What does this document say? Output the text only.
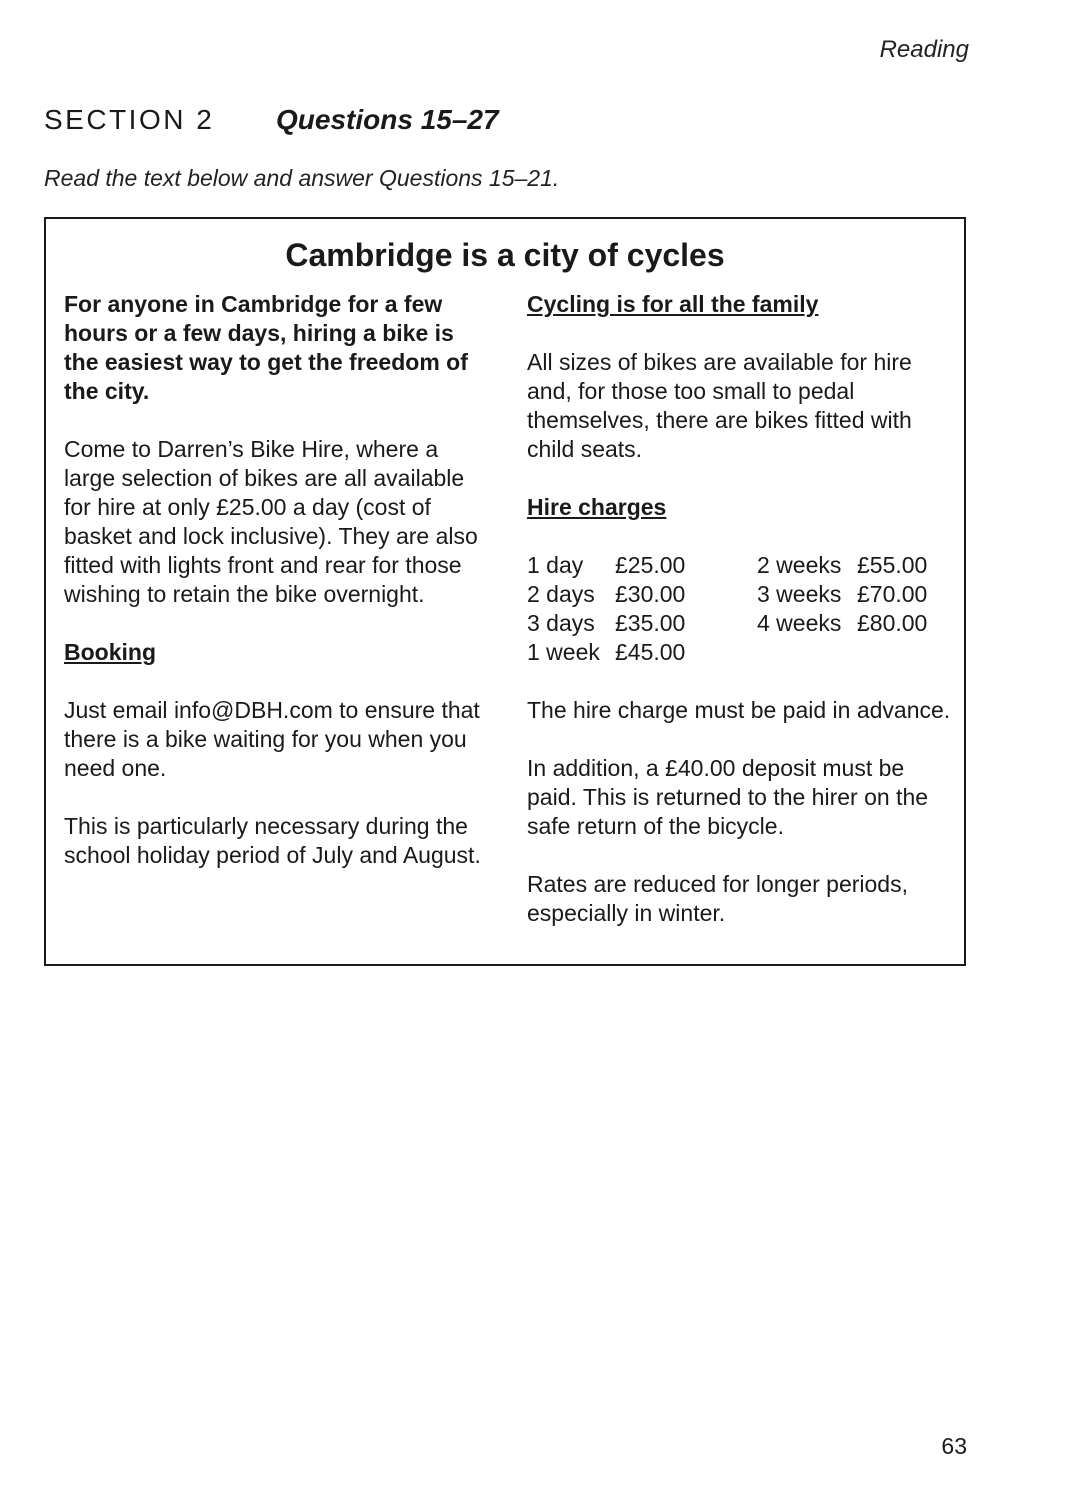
Reading
SECTION 2	Questions 15–27
Read the text below and answer Questions 15–21.
Cambridge is a city of cycles

For anyone in Cambridge for a few hours or a few days, hiring a bike is the easiest way to get the freedom of the city.

Come to Darren’s Bike Hire, where a large selection of bikes are all available for hire at only £25.00 a day (cost of basket and lock inclusive). They are also fitted with lights front and rear for those wishing to retain the bike overnight.

Booking

Just email info@DBH.com to ensure that there is a bike waiting for you when you need one.

This is particularly necessary during the school holiday period of July and August.

Cycling is for all the family

All sizes of bikes are available for hire and, for those too small to pedal themselves, there are bikes fitted with child seats.

Hire charges
1 day	£25.00
2 days £30.00
3 days £35.00
1 week £45.00
2 weeks £55.00
3 weeks £70.00
4 weeks £80.00

The hire charge must be paid in advance.

In addition, a £40.00 deposit must be paid. This is returned to the hirer on the safe return of the bicycle.

Rates are reduced for longer periods, especially in winter.

63
